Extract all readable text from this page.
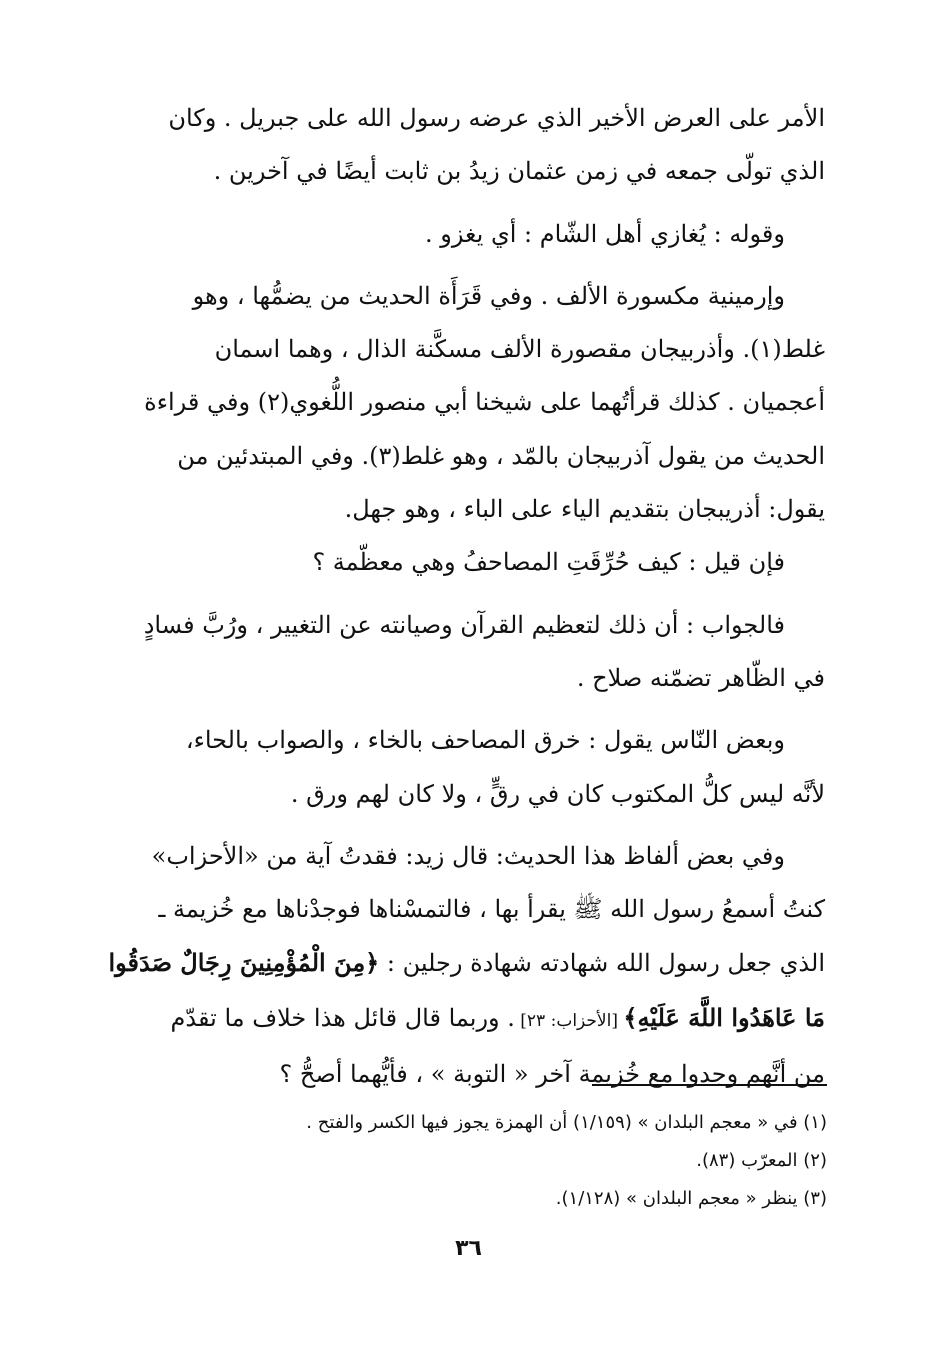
الأمر على العرض الأخير الذي عرضه رسول الله على جبريل . وكان
الذي تولّى جمعه في زمن عثمان زيدُ بن ثابت أيضًا في آخرين .

وقوله : يُغازي أهل الشّام : أي يغزو .

وإرمينية مكسورة الألف . وفي قَرَأَة الحديث من يضمُّها ، وهو
غلط(١). وأذربيجان مقصورة الألف مسكَّنة الذال ، وهما اسمان
أعجميان . كذلك قرأتُهما على شيخنا أبي منصور اللُّغوي(٢) وفي قراءة
الحديث من يقول آذربيجان بالمّد ، وهو غلط(٣). وفي المبتدئين من
يقول: أذريبجان بتقديم الياء على الباء ، وهو جهل.

فإن قيل : كيف حُرِّقَتِ المصاحفُ وهي معظّمة ؟

فالجواب : أن ذلك لتعظيم القرآن وصيانته عن التغيير ، ورُبَّ فسادٍ
في الظّاهر تضمّنه صلاح .

وبعض النّاس يقول : خرق المصاحف بالخاء ، والصواب بالحاء،
لأنَّه ليس كلُّ المكتوب كان في رقٍّ ، ولا كان لهم ورق .

وفي بعض ألفاظ هذا الحديث: قال زيد: فقدتُ آية من «الأحزاب»
كنتُ أسمعُ رسول الله ﷺ يقرأ بها ، فالتمسْناها فوجدْناها مع خُزيمة ـ
الذي جعل رسول الله شهادته شهادة رجلين : ﴿مِنَ الْمُؤْمِنِينَ رِجَالٌ صَدَقُوا
مَا عَاهَدُوا اللَّهَ عَلَيْهِ﴾ [الأحزاب: ٢٣] . وربما قال قائل هذا خلاف ما تقدّم
من أنَّهم وجدوا مع خُزيمة آخر « التوبة » ، فأيُّهما أصحُّ ؟

(١) في « معجم البلدان » (١/١٥٩) أن الهمزة يجوز فيها الكسر والفتح .

(٢) المعرّب (٨٣).

(٣) ينظر « معجم البلدان » (١/١٢٨).

٣٦
